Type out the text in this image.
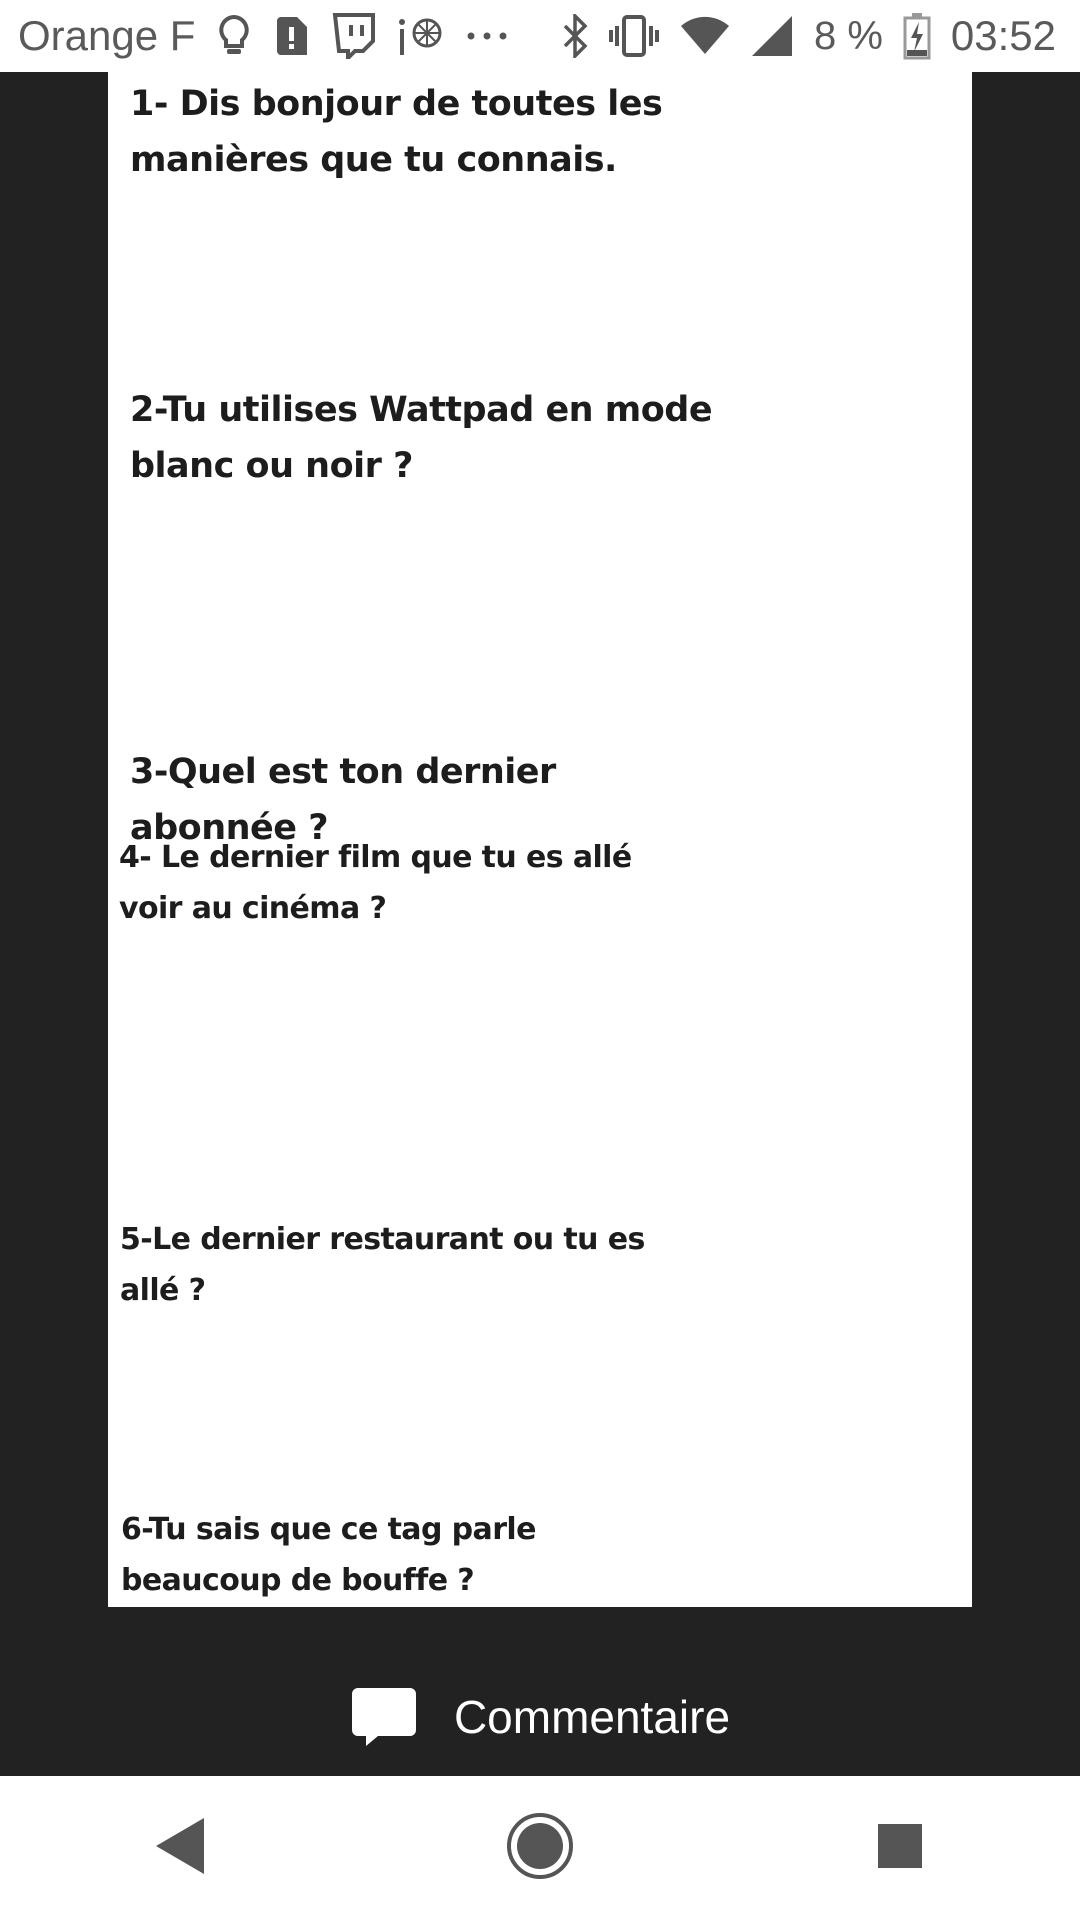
Orange F	8 % 03:52
1- Dis bonjour de toutes les
manières que tu connais.
2-Tu utilises Wattpad en mode
blanc ou noir ?
3-Quel est ton dernier
abonnée ?
4- Le dernier film que tu es allé
voir au cinéma ?
5-Le dernier restaurant ou tu es
allé ?
6-Tu sais que ce tag parle
beaucoup de bouffe ?
Commentaire
